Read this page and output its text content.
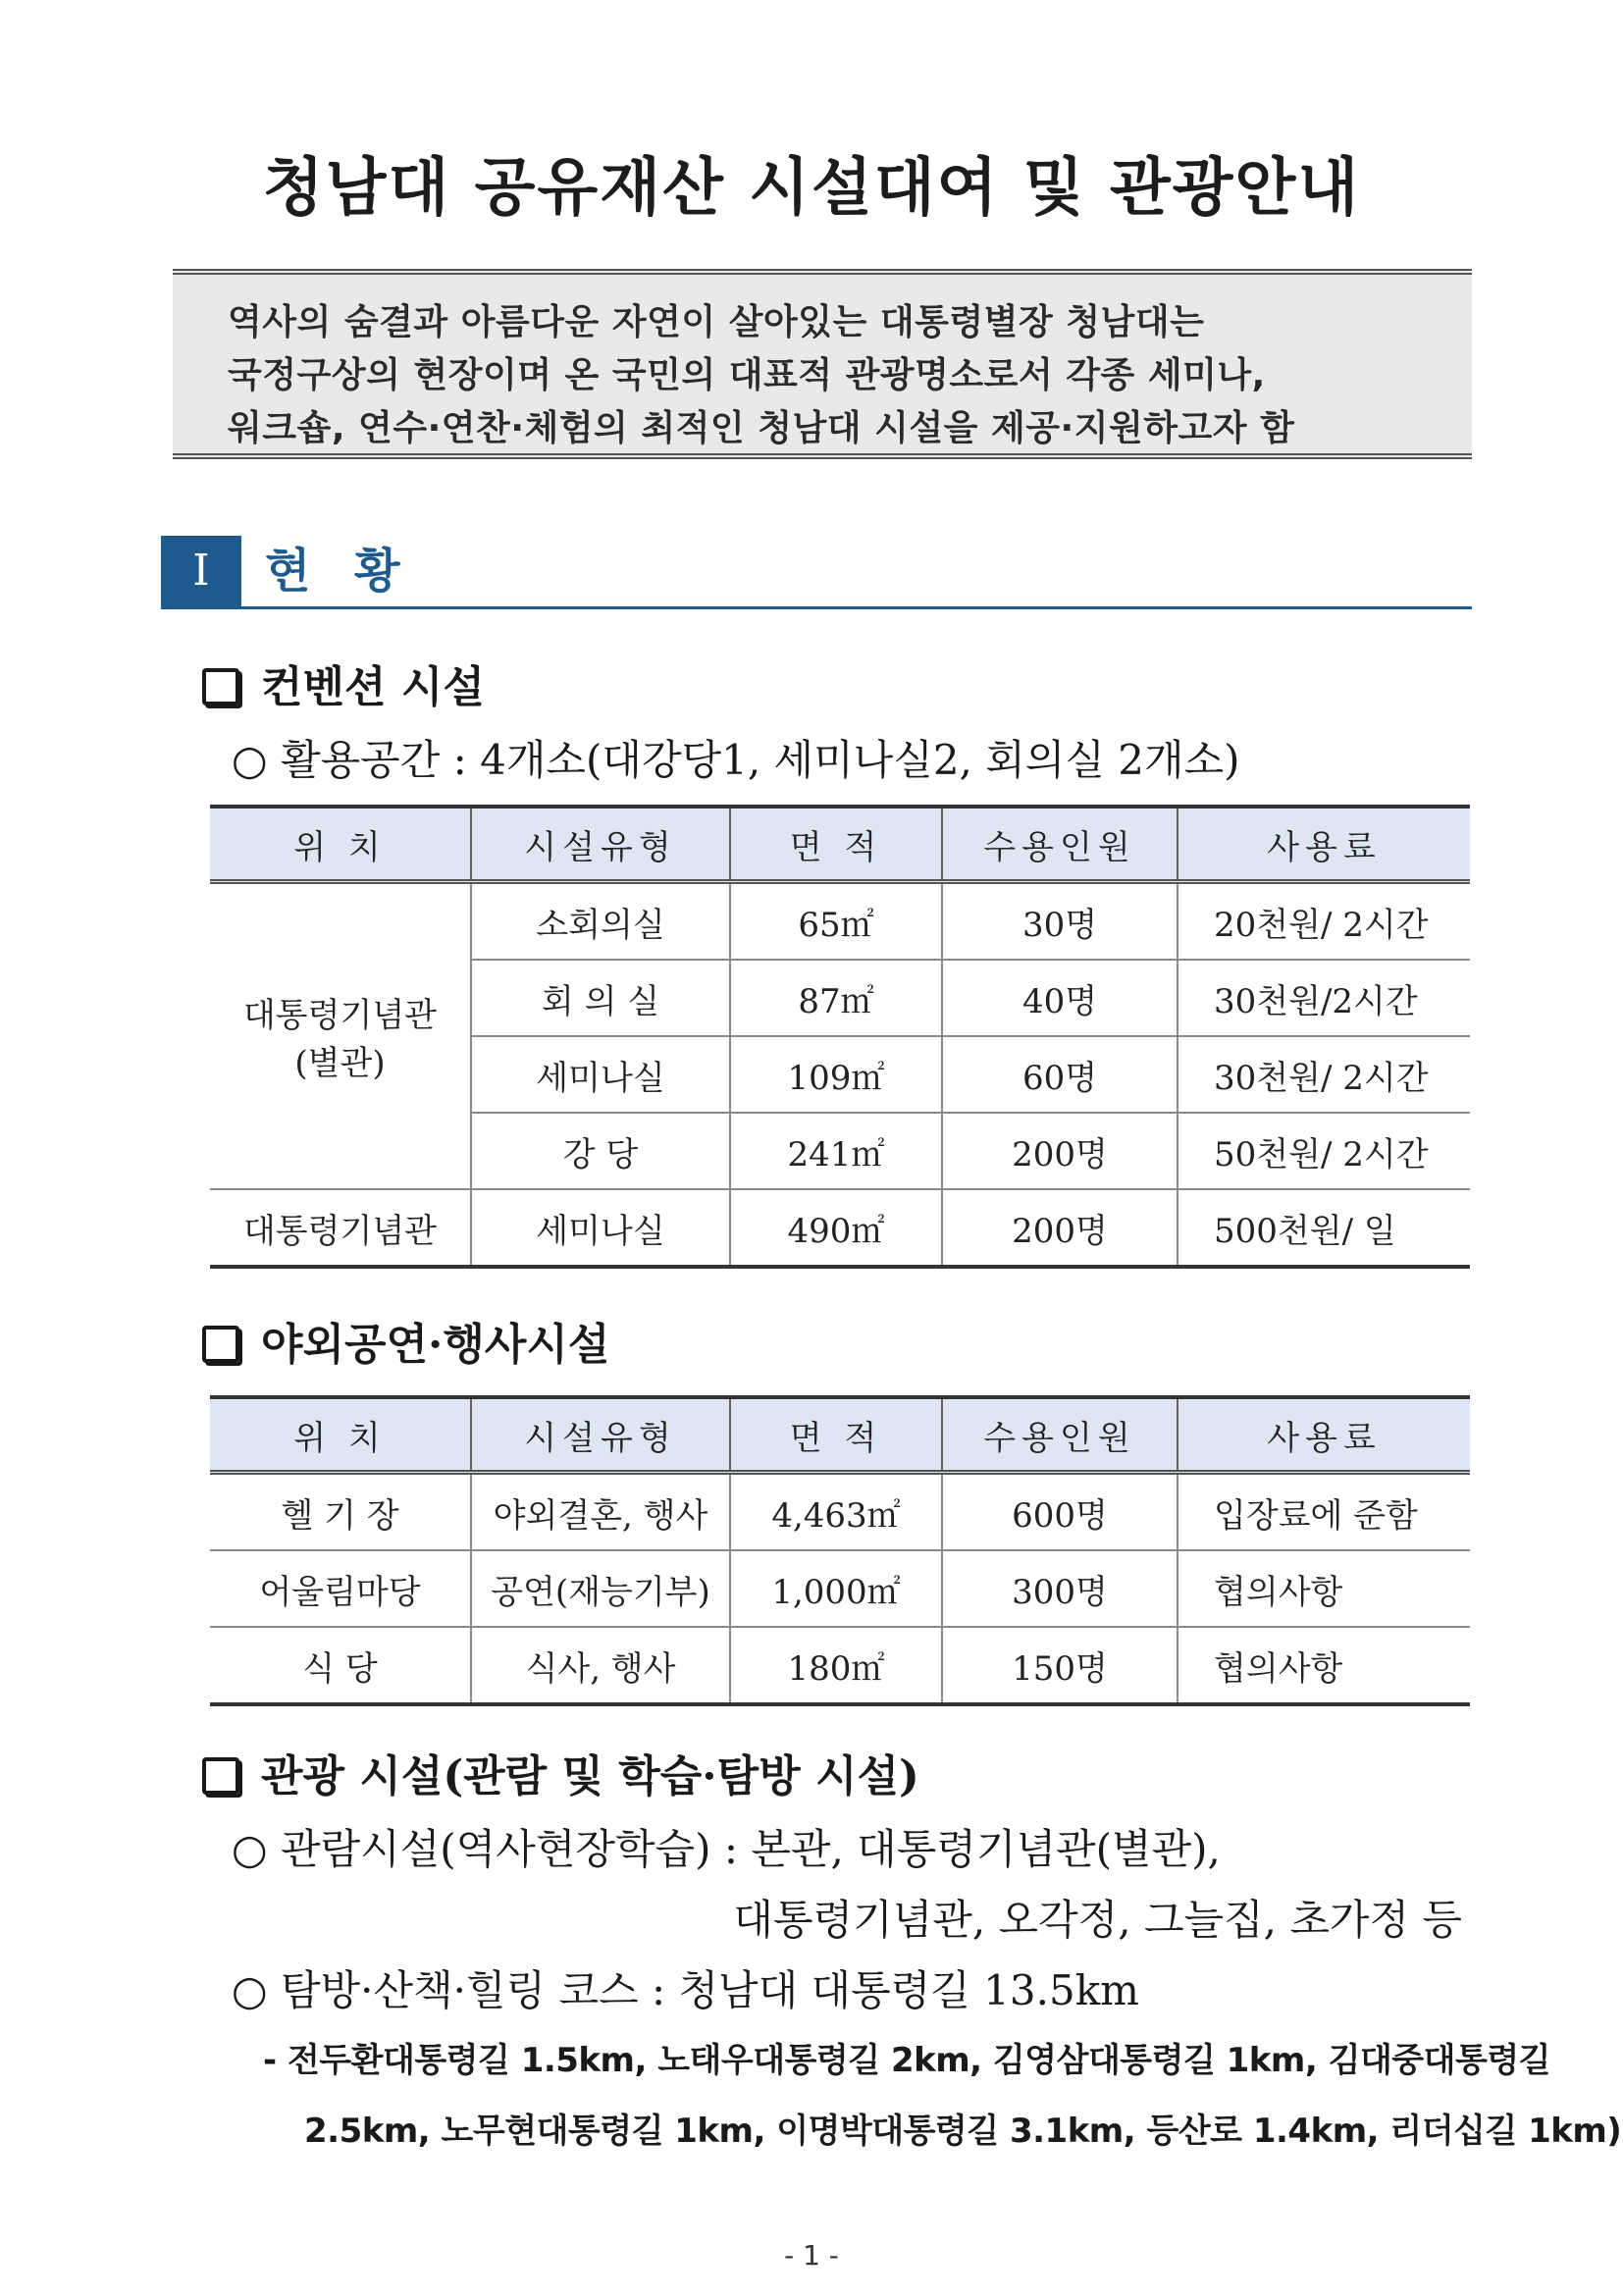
청남대 공유재산 시설대여 및 관광안내
역사의 숨결과 아름다운 자연이 살아있는 대통령별장 청남대는
국정구상의 현장이며 온 국민의 대표적 관광명소로서 각종 세미나,
워크숍, 연수·연찬·체험의 최적인 청남대 시설을 제공·지원하고자 함
I	현 황
컨벤션 시설
○ 활용공간 : 4개소(대강당1, 세미나실2, 회의실 2개소)
위 치	시설유형	면 적	수용인원	사용료
대통령기념관
(별관)	소회의실	65㎡	30명	20천원/ 2시간
	회 의 실	87㎡	40명	30천원/2시간
	세미나실	109㎡	60명	30천원/ 2시간
	강 당	241㎡	200명	50천원/ 2시간
대통령기념관	세미나실	490㎡	200명	500천원/ 일
야외공연·행사시설
위 치	시설유형	면 적	수용인원	사용료
헬 기 장	야외결혼, 행사	4,463㎡	600명	입장료에 준함
어울림마당	공연(재능기부)	1,000㎡	300명	협의사항
식 당	식사, 행사	180㎡	150명	협의사항
관광 시설(관람 및 학습·탐방 시설)
○ 관람시설(역사현장학습) : 본관, 대통령기념관(별관),
대통령기념관, 오각정, 그늘집, 초가정 등
○ 탐방·산책·힐링 코스 : 청남대 대통령길 13.5km
- 전두환대통령길 1.5km, 노태우대통령길 2km, 김영삼대통령길 1km, 김대중대통령길
2.5km, 노무현대통령길 1km, 이명박대통령길 3.1km, 등산로 1.4km, 리더십길 1km)
- 1 -
